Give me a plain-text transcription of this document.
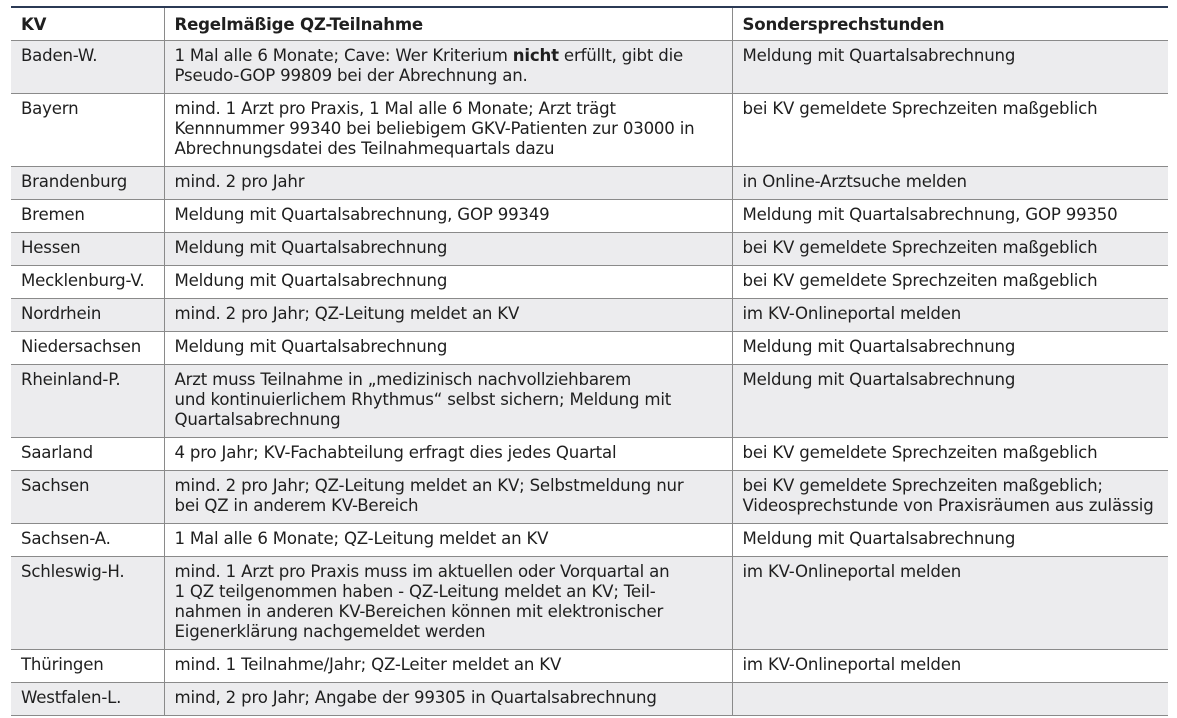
KV	Regelmäßige QZ-Teilnahme	Sondersprechstunden
Baden-W.	1 Mal alle 6 Monate; Cave: Wer Kriterium nicht erfüllt, gibt die
Pseudo-GOP 99809 bei der Abrechnung an.	Meldung mit Quartalsabrechnung

Bayern	mind. 1 Arzt pro Praxis, 1 Mal alle 6 Monate; Arzt trägt
Kennnummer 99340 bei beliebigem GKV-Patienten zur 03000 in
Abrechnungsdatei des Teilnahmequartals dazu	bei KV gemeldete Sprechzeiten maßgeblich

Brandenburg	mind. 2 pro Jahr	in Online-Arztsuche melden

Bremen	Meldung mit Quartalsabrechnung, GOP 99349	Meldung mit Quartalsabrechnung, GOP 99350

Hessen	Meldung mit Quartalsabrechnung	bei KV gemeldete Sprechzeiten maßgeblich

Mecklenburg-V.	Meldung mit Quartalsabrechnung	bei KV gemeldete Sprechzeiten maßgeblich

Nordrhein	mind. 2 pro Jahr; QZ-Leitung meldet an KV	im KV-Onlineportal melden

Niedersachsen	Meldung mit Quartalsabrechnung	Meldung mit Quartalsabrechnung

Rheinland-P.	Arzt muss Teilnahme in „medizinisch nachvollziehbarem
und kontinuierlichem Rhythmus“ selbst sichern; Meldung mit
Quartalsabrechnung	Meldung mit Quartalsabrechnung

Saarland	4 pro Jahr; KV-Fachabteilung erfragt dies jedes Quartal	bei KV gemeldete Sprechzeiten maßgeblich

Sachsen	mind. 2 pro Jahr; QZ-Leitung meldet an KV; Selbstmeldung nur
bei QZ in anderem KV-Bereich	bei KV gemeldete Sprechzeiten maßgeblich;
Videosprechstunde von Praxisräumen aus zulässig

Sachsen-A.	1 Mal alle 6 Monate; QZ-Leitung meldet an KV	Meldung mit Quartalsabrechnung

Schleswig-H.	mind. 1 Arzt pro Praxis muss im aktuellen oder Vorquartal an
1 QZ teilgenommen haben - QZ-Leitung meldet an KV; Teil-
nahmen in anderen KV-Bereichen können mit elektronischer
Eigenerklärung nachgemeldet werden	im KV-Onlineportal melden

Thüringen	mind. 1 Teilnahme/Jahr; QZ-Leiter meldet an KV	im KV-Onlineportal melden

Westfalen-L.	mind, 2 pro Jahr; Angabe der 99305 in Quartalsabrechnung	
